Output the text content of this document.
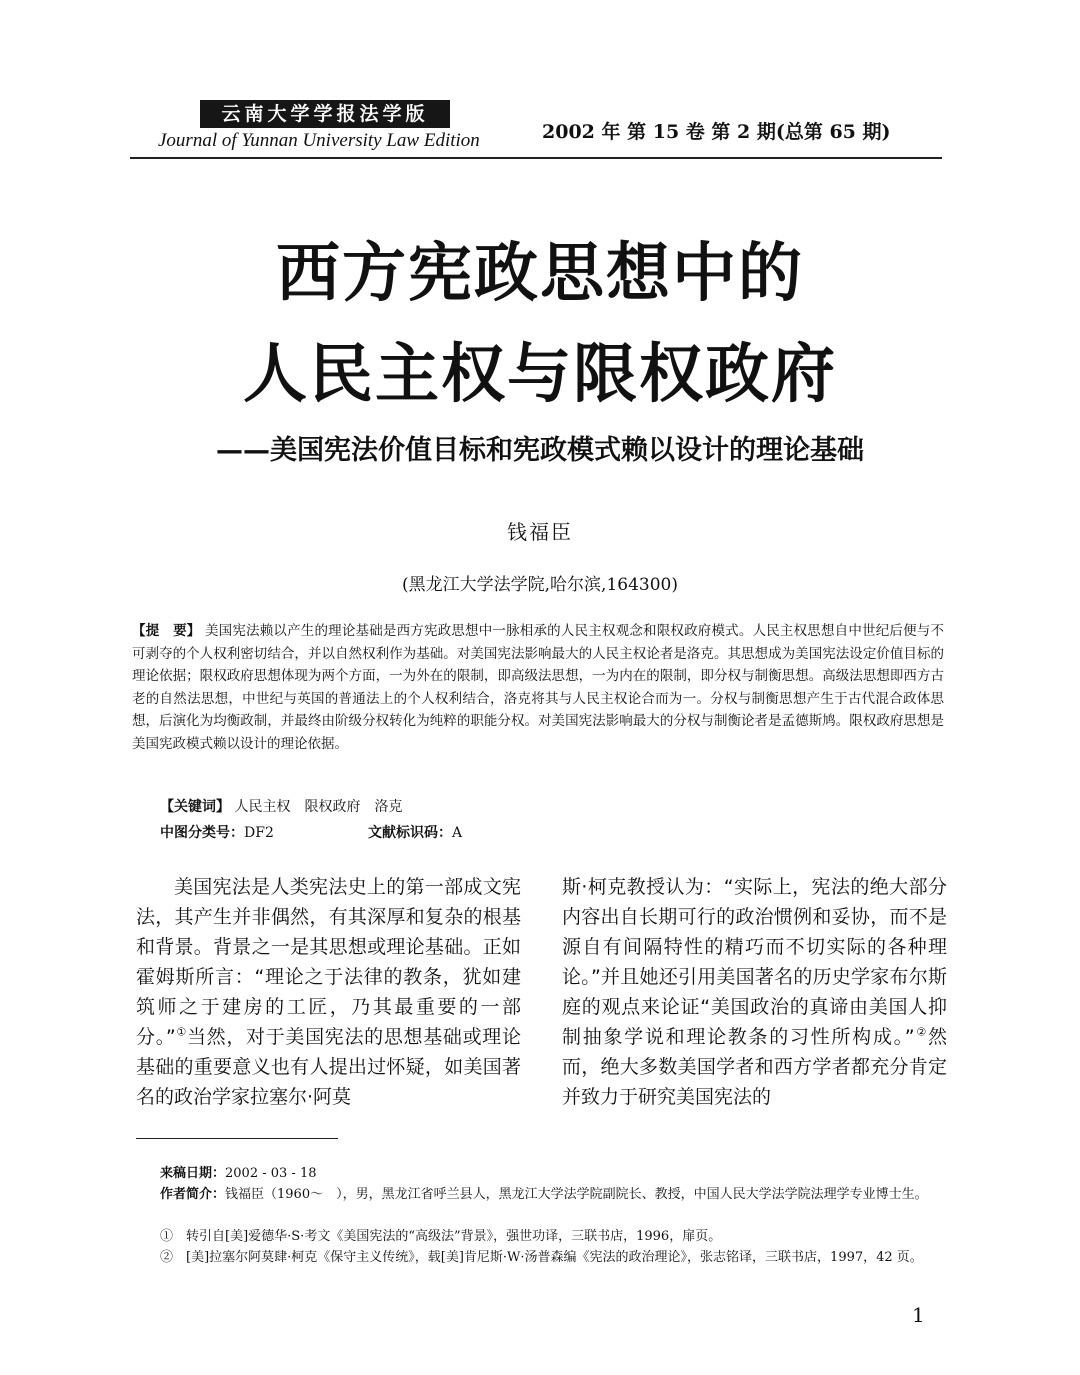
云南大学学报法学版
Journal of Yunnan University Law Edition	2002 年 第 15 卷 第 2 期(总第 65 期)
西方宪政思想中的
人民主权与限权政府
——美国宪法价值目标和宪政模式赖以设计的理论基础
钱福臣
(黑龙江大学法学院,哈尔滨,164300)
【提　要】 美国宪法赖以产生的理论基础是西方宪政思想中一脉相承的人民主权观念和限权政府模式。人民主权思想自中世纪后便与不可剥夺的个人权利密切结合，并以自然权利作为基础。对美国宪法影响最大的人民主权论者是洛克。其思想成为美国宪法设定价值目标的理论依据；限权政府思想体现为两个方面，一为外在的限制，即高级法思想，一为内在的限制，即分权与制衡思想。高级法思想即西方古老的自然法思想，中世纪与英国的普通法上的个人权利结合，洛克将其与人民主权论合而为一。分权与制衡思想产生于古代混合政体思想，后演化为均衡政制，并最终由阶级分权转化为纯粹的职能分权。对美国宪法影响最大的分权与制衡论者是孟德斯鸠。限权政府思想是美国宪政模式赖以设计的理论依据。
【关键词】 人民主权　限权政府　洛克
中图分类号：DF2	文献标识码：A
美国宪法是人类宪法史上的第一部成文宪法，其产生并非偶然，有其深厚和复杂的根基和背景。背景之一是其思想或理论基础。正如霍姆斯所言：“理论之于法律的教条，犹如建筑师之于建房的工匠，乃其最重要的一部分。”①当然，对于美国宪法的思想基础或理论基础的重要意义也有人提出过怀疑，如美国著名的政治学家拉塞尔·阿莫
斯·柯克教授认为：“实际上，宪法的绝大部分内容出自长期可行的政治惯例和妥协，而不是源自有间隔特性的精巧而不切实际的各种理论。”并且她还引用美国著名的历史学家布尔斯庭的观点来论证“美国政治的真谛由美国人抑制抽象学说和理论教条的习性所构成。”②然而，绝大多数美国学者和西方学者都充分肯定并致力于研究美国宪法的
来稿日期：2002 - 03 - 18
作者简介：钱福臣（1960～　），男，黑龙江省呼兰县人，黑龙江大学法学院副院长、教授，中国人民大学法学院法理学专业博士生。
①　转引自[美]爱德华·S·考文《美国宪法的“高级法”背景》，强世功译，三联书店，1996，扉页。
②　[美]拉塞尔阿莫肆·柯克《保守主义传统》，载[美]肯尼斯·W·汤普森编《宪法的政治理论》，张志铭译，三联书店，1997，42 页。
1
